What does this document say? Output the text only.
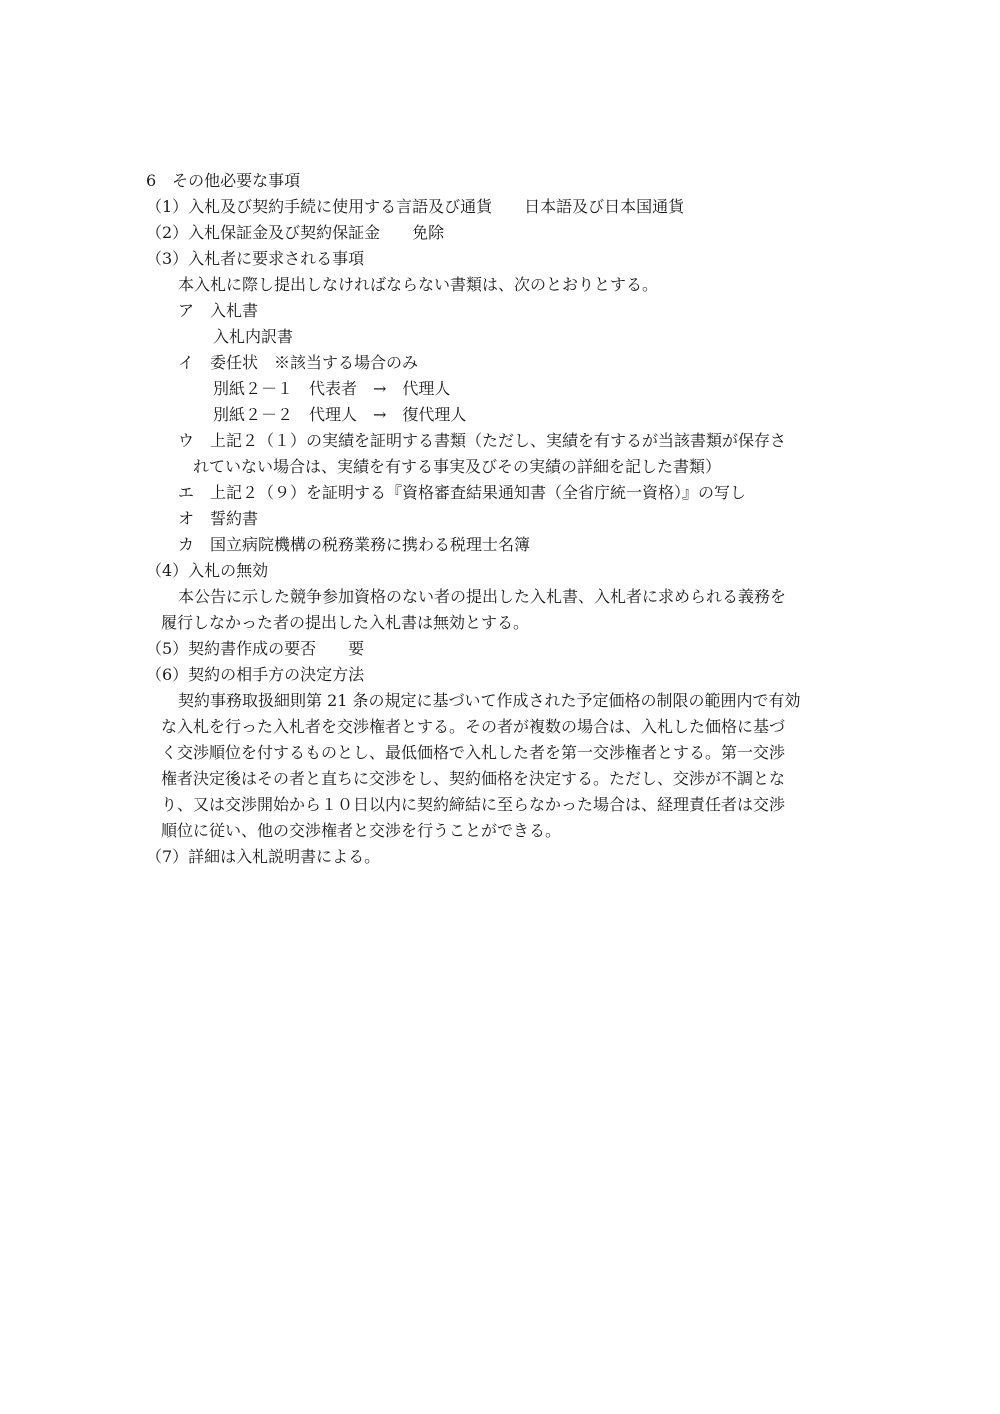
6　その他必要な事項
（1）入札及び契約手続に使用する言語及び通貨　　日本語及び日本国通貨
（2）入札保証金及び契約保証金　　免除
（3）入札者に要求される事項
本入札に際し提出しなければならない書類は、次のとおりとする。
ア　入札書
入札内訳書
イ　委任状　※該当する場合のみ
別紙２－１　代表者　→　代理人
別紙２－２　代理人　→　復代理人
ウ　上記２（１）の実績を証明する書類（ただし、実績を有するが当該書類が保存さ
れていない場合は、実績を有する事実及びその実績の詳細を記した書類）
エ　上記２（９）を証明する『資格審査結果通知書（全省庁統一資格）』の写し
オ　誓約書
カ　国立病院機構の税務業務に携わる税理士名簿
（4）入札の無効
本公告に示した競争参加資格のない者の提出した入札書、入札者に求められる義務を
履行しなかった者の提出した入札書は無効とする。
（5）契約書作成の要否　　要
（6）契約の相手方の決定方法
契約事務取扱細則第 21 条の規定に基づいて作成された予定価格の制限の範囲内で有効
な入札を行った入札者を交渉権者とする。その者が複数の場合は、入札した価格に基づ
く交渉順位を付するものとし、最低価格で入札した者を第一交渉権者とする。第一交渉
権者決定後はその者と直ちに交渉をし、契約価格を決定する。ただし、交渉が不調とな
り、又は交渉開始から１０日以内に契約締結に至らなかった場合は、経理責任者は交渉
順位に従い、他の交渉権者と交渉を行うことができる。
（7）詳細は入札説明書による。
